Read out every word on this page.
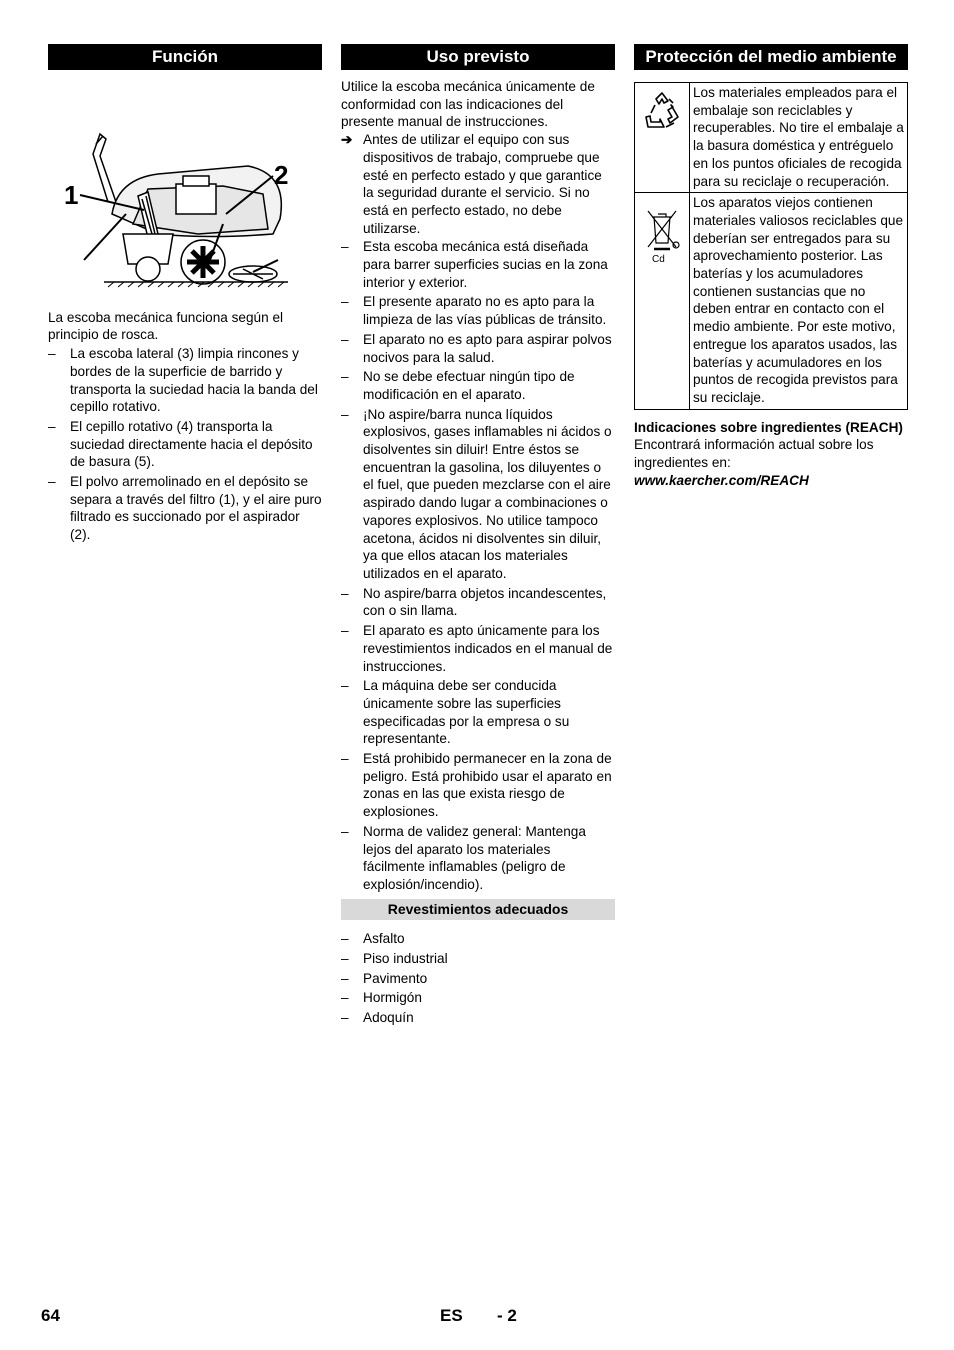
Función
1
2

La escoba mecánica funciona según el principio de rosca.

– La escoba lateral (3) limpia rincones y bordes de la superficie de barrido y transporta la suciedad hacia la banda del cepillo rotativo.
– El cepillo rotativo (4) transporta la suciedad directamente hacia el depósito de basura (5).
– El polvo arremolinado en el depósito se separa a través del filtro (1), y el aire puro filtrado es succionado por el aspirador (2).
Uso previsto

Utilice la escoba mecánica únicamente de conformidad con las indicaciones del presente manual de instrucciones.

➔ Antes de utilizar el equipo con sus dispositivos de trabajo, compruebe que esté en perfecto estado y que garantice la seguridad durante el servicio. Si no está en perfecto estado, no debe utilizarse.
– Esta escoba mecánica está diseñada para barrer superficies sucias en la zona interior y exterior.
– El presente aparato no es apto para la limpieza de las vías públicas de tránsito.
– El aparato no es apto para aspirar polvos nocivos para la salud.
– No se debe efectuar ningún tipo de modificación en el aparato.
– ¡No aspire/barra nunca líquidos explosivos, gases inflamables ni ácidos o disolventes sin diluir! Entre éstos se encuentran la gasolina, los diluyentes o el fuel, que pueden mezclarse con el aire aspirado dando lugar a combinaciones o vapores explosivos. No utilice tampoco acetona, ácidos ni disolventes sin diluir, ya que ellos atacan los materiales utilizados en el aparato.
– No aspire/barra objetos incandescentes, con o sin llama.
– El aparato es apto únicamente para los revestimientos indicados en el manual de instrucciones.
– La máquina debe ser conducida únicamente sobre las superficies especificadas por la empresa o su representante.
– Está prohibido permanecer en la zona de peligro. Está prohibido usar el aparato en zonas en las que exista riesgo de explosiones.
– Norma de validez general: Mantenga lejos del aparato los materiales fácilmente inflamables (peligro de explosión/incendio).
Revestimientos adecuados
– Asfalto
– Piso industrial
– Pavimento
– Hormigón
– Adoquín
Protección del medio ambiente
	Los materiales empleados para el embalaje son reciclables y recuperables. No tire el embalaje a la basura doméstica y entréguelo en los puntos oficiales de recogida para su reciclaje o recuperación.

Cd	Los aparatos viejos contienen materiales valiosos reciclables que deberían ser entregados para su aprovechamiento posterior. Las baterías y los acumuladores contienen sustancias que no deben entrar en contacto con el medio ambiente. Por este motivo, entregue los aparatos usados, las baterías y acumuladores en los puntos de recogida previstos para su reciclaje.

Indicaciones sobre ingredientes (REACH)

Encontrará información actual sobre los ingredientes en:

www.kaercher.com/REACH

64	ES - 2
